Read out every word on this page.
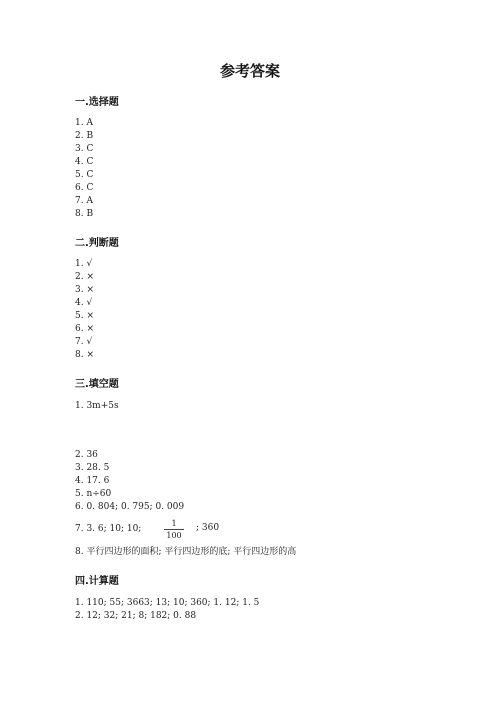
参考答案
一.选择题
1. A
2. B
3. C
4. C
5. C
6. C
7. A
8. B
二.判断题
1. √
2. ×
3. ×
4. √
5. ×
6. ×
7. √
8. ×
三.填空题
1. 3m+5s
2. 36
3. 28. 5
4. 17. 6
5. n÷60
6. 0. 804; 0. 795; 0. 009
7. 3. 6; 10; 10;	$\frac{1}{100}$ ; 360
8. 平行四边形的面积; 平行四边形的底; 平行四边形的高
四.计算题
1. 110; 55; 3663; 13; 10; 360; 1. 12; 1. 5
2. 12; 32; 21; 8; 182; 0. 88
